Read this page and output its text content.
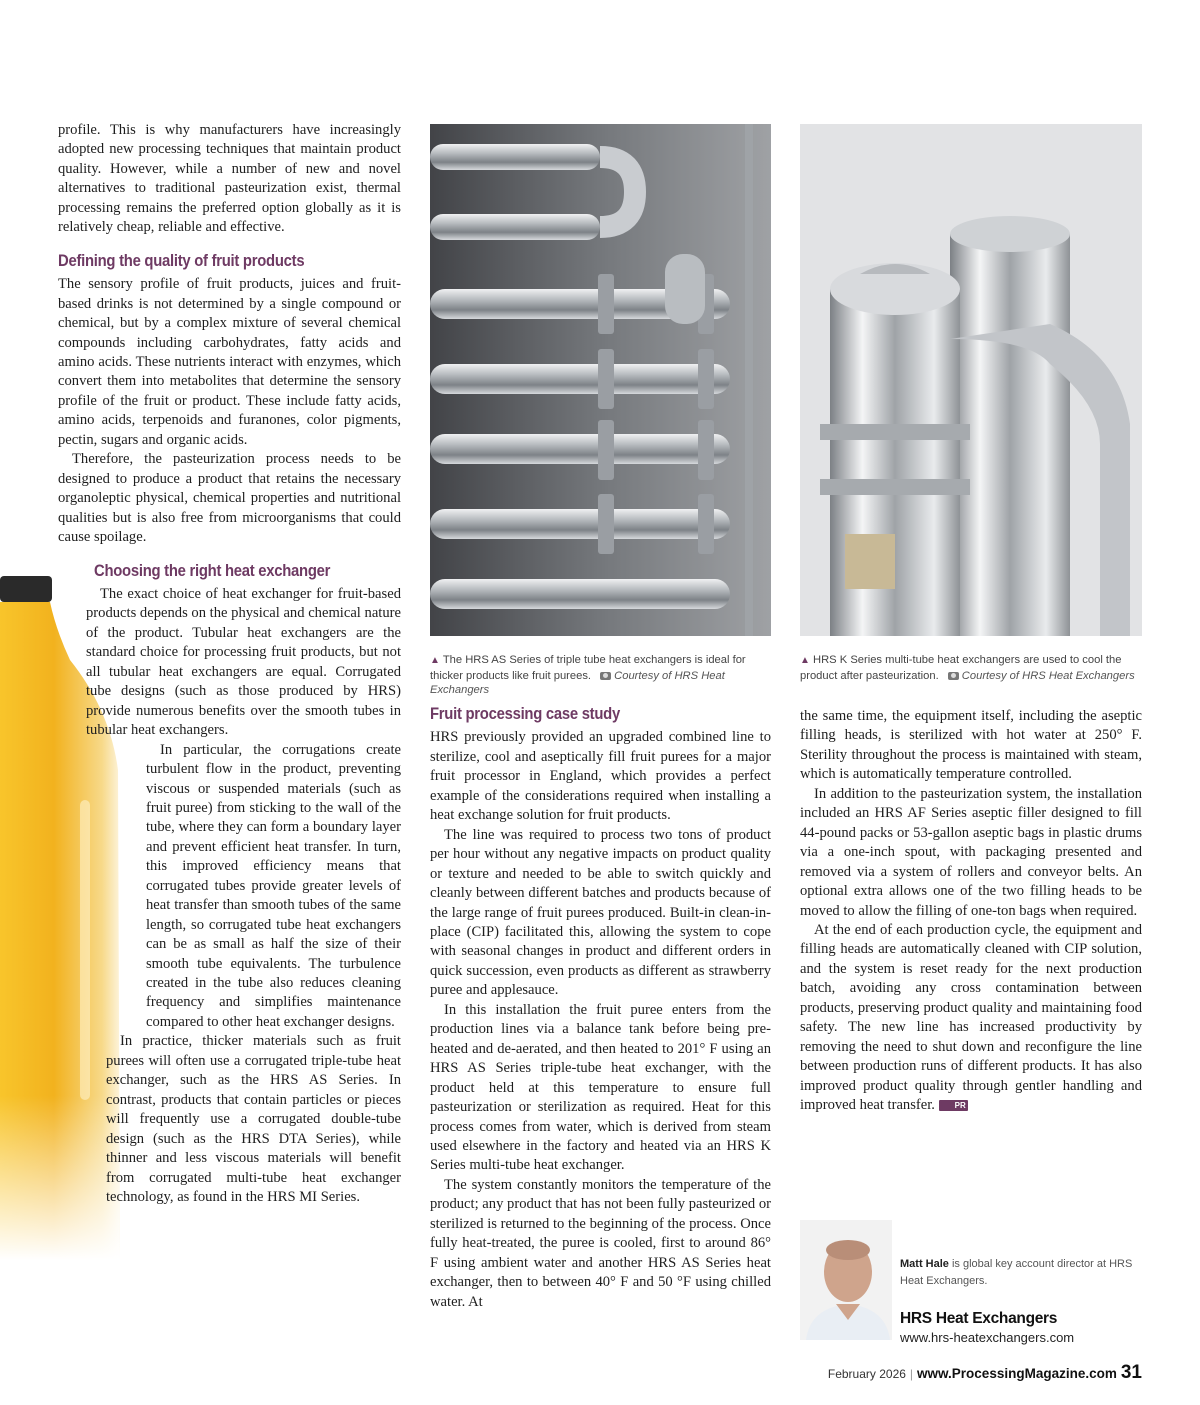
profile. This is why manufacturers have increasingly adopted new processing techniques that maintain product quality. However, while a number of new and novel alternatives to traditional pasteurization exist, thermal processing remains the preferred option globally as it is relatively cheap, reliable and effective.

Defining the quality of fruit products

The sensory profile of fruit products, juices and fruit-based drinks is not determined by a single compound or chemical, but by a complex mixture of several chemical compounds including carbohydrates, fatty acids and amino acids. These nutrients interact with enzymes, which convert them into metabolites that determine the sensory profile of the fruit or product. These include fatty acids, amino acids, terpenoids and furanones, color pigments, pectin, sugars and organic acids.

Therefore, the pasteurization process needs to be designed to produce a product that retains the necessary organoleptic physical, chemical properties and nutritional qualities but is also free from microorganisms that could cause spoilage.

Choosing the right heat exchanger

The exact choice of heat exchanger for fruit-based products depends on the physical and chemical nature of the product. Tubular heat exchangers are the standard choice for processing fruit products, but not all tubular heat exchangers are equal. Corrugated tube designs (such as those produced by HRS) provide numerous benefits over the smooth tubes in tubular heat exchangers.

In particular, the corrugations create turbulent flow in the product, preventing viscous or suspended materials (such as fruit puree) from sticking to the wall of the tube, where they can form a boundary layer and prevent efficient heat transfer. In turn, this improved efficiency means that corrugated tubes provide greater levels of heat transfer than smooth tubes of the same length, so corrugated tube heat exchangers can be as small as half the size of their smooth tube equivalents. The turbulence created in the tube also reduces cleaning frequency and simplifies maintenance compared to other heat exchanger designs.

In practice, thicker materials such as fruit purees will often use a corrugated triple-tube heat exchanger, such as the HRS AS Series. In contrast, products that contain particles or pieces will frequently use a corrugated double-tube design (such as the HRS DTA Series), while thinner and less viscous materials will benefit from corrugated multi-tube heat exchanger technology, as found in the HRS MI Series.

▲ The HRS AS Series of triple tube heat exchangers is ideal for thicker products like fruit purees. Courtesy of HRS Heat Exchangers
▲ HRS K Series multi-tube heat exchangers are used to cool the product after pasteurization. Courtesy of HRS Heat Exchangers
Fruit processing case study

HRS previously provided an upgraded combined line to sterilize, cool and aseptically fill fruit purees for a major fruit processor in England, which provides a perfect example of the considerations required when installing a heat exchange solution for fruit products.

The line was required to process two tons of product per hour without any negative impacts on product quality or texture and needed to be able to switch quickly and cleanly between different batches and products because of the large range of fruit purees produced. Built-in clean-in-place (CIP) facilitated this, allowing the system to cope with seasonal changes in product and different orders in quick succession, even products as different as strawberry puree and applesauce.

In this installation the fruit puree enters from the production lines via a balance tank before being pre-heated and de-aerated, and then heated to 201° F using an HRS AS Series triple-tube heat exchanger, with the product held at this temperature to ensure full pasteurization or sterilization as required. Heat for this process comes from water, which is derived from steam used elsewhere in the factory and heated via an HRS K Series multi-tube heat exchanger.

The system constantly monitors the temperature of the product; any product that has not been fully pasteurized or sterilized is returned to the beginning of the process. Once fully heat-treated, the puree is cooled, first to around 86° F using ambient water and another HRS AS Series heat exchanger, then to between 40° F and 50 °F using chilled water. At

the same time, the equipment itself, including the aseptic filling heads, is sterilized with hot water at 250° F. Sterility throughout the process is maintained with steam, which is automatically temperature controlled.

In addition to the pasteurization system, the installation included an HRS AF Series aseptic filler designed to fill 44-pound packs or 53-gallon aseptic bags in plastic drums via a one-inch spout, with packaging presented and removed via a system of rollers and conveyor belts. An optional extra allows one of the two filling heads to be moved to allow the filling of one-ton bags when required.

At the end of each production cycle, the equipment and filling heads are automatically cleaned with CIP solution, and the system is reset ready for the next production batch, avoiding any cross contamination between products, preserving product quality and maintaining food safety. The new line has increased productivity by removing the need to shut down and reconfigure the line between production runs of different products. It has also improved product quality through gentler handling and improved heat transfer. PR

Matt Hale is global key account director at HRS Heat Exchangers.
HRS Heat Exchangers
www.hrs-heatexchangers.com
February 2026 | www.ProcessingMagazine.com 31
